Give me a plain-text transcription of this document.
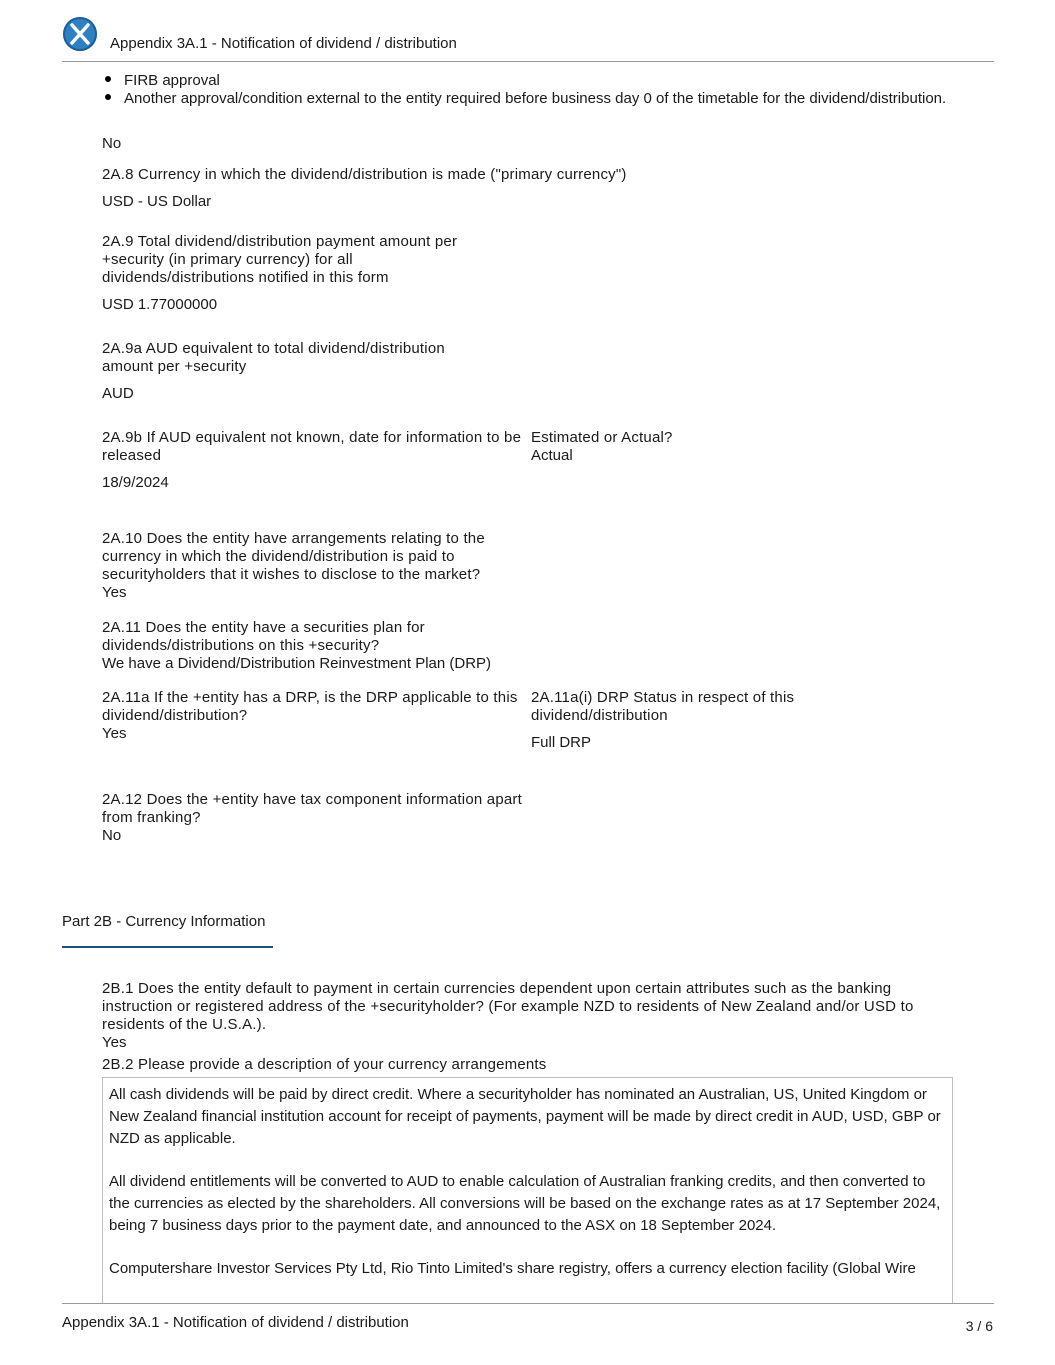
Appendix 3A.1 - Notification of dividend / distribution
FIRB approval
Another approval/condition external to the entity required before business day 0 of the timetable for the dividend/distribution.
No
2A.8 Currency in which the dividend/distribution is made ("primary currency")
USD - US Dollar
2A.9 Total dividend/distribution payment amount per +security (in primary currency) for all dividends/distributions notified in this form
USD 1.77000000
2A.9a AUD equivalent to total dividend/distribution amount per +security
AUD
2A.9b If AUD equivalent not known, date for information to be released
18/9/2024
Estimated or Actual?
Actual
2A.10 Does the entity have arrangements relating to the currency in which the dividend/distribution is paid to securityholders that it wishes to disclose to the market?
Yes
2A.11 Does the entity have a securities plan for dividends/distributions on this +security?
We have a Dividend/Distribution Reinvestment Plan (DRP)
2A.11a If the +entity has a DRP, is the DRP applicable to this dividend/distribution?
Yes
2A.11a(i) DRP Status in respect of this dividend/distribution
Full DRP
2A.12 Does the +entity have tax component information apart from franking?
No
Part 2B - Currency Information
2B.1 Does the entity default to payment in certain currencies dependent upon certain attributes such as the banking instruction or registered address of the +securityholder? (For example NZD to residents of New Zealand and/or USD to residents of the U.S.A.).
Yes
2B.2 Please provide a description of your currency arrangements

All cash dividends will be paid by direct credit. Where a securityholder has nominated an Australian, US, United Kingdom or New Zealand financial institution account for receipt of payments, payment will be made by direct credit in AUD, USD, GBP or NZD as applicable.

All dividend entitlements will be converted to AUD to enable calculation of Australian franking credits, and then converted to the currencies as elected by the shareholders. All conversions will be based on the exchange rates as at 17 September 2024, being 7 business days prior to the payment date, and announced to the ASX on 18 September 2024.

Computershare Investor Services Pty Ltd, Rio Tinto Limited's share registry, offers a currency election facility (Global Wire

Appendix 3A.1 - Notification of dividend / distribution	3 / 6
